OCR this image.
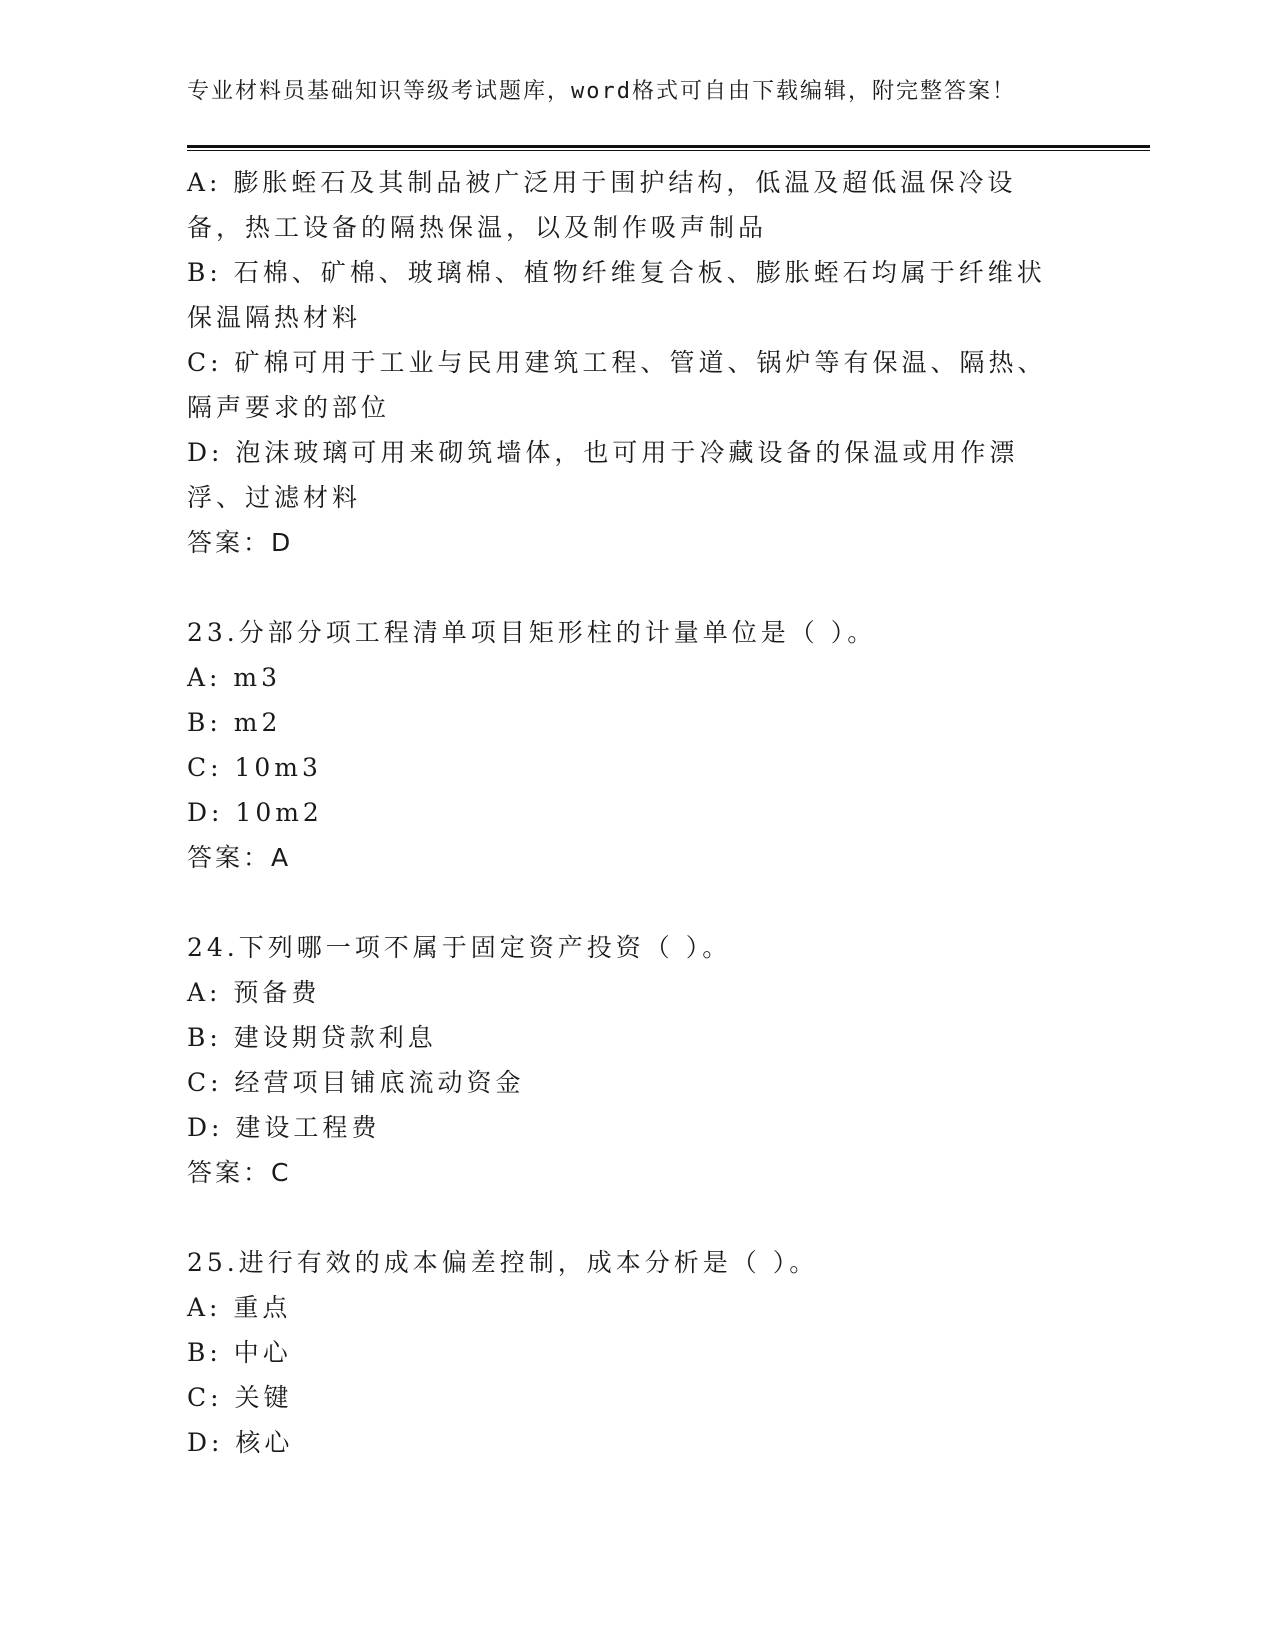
专业材料员基础知识等级考试题库，word格式可自由下载编辑，附完整答案！

A: 膨胀蛭石及其制品被广泛用于围护结构，低温及超低温保冷设备，热工设备的隔热保温，以及制作吸声制品

B: 石棉、矿棉、玻璃棉、植物纤维复合板、膨胀蛭石均属于纤维状保温隔热材料

C: 矿棉可用于工业与民用建筑工程、管道、锅炉等有保温、隔热、隔声要求的部位

D: 泡沫玻璃可用来砌筑墙体，也可用于冷藏设备的保温或用作漂浮、过滤材料

答案：D

23.分部分项工程清单项目矩形柱的计量单位是（ ）。

A: m3

B: m2

C: 10m3

D: 10m2

答案：A

24.下列哪一项不属于固定资产投资（ ）。

A: 预备费

B: 建设期贷款利息

C: 经营项目铺底流动资金

D: 建设工程费

答案：C

25.进行有效的成本偏差控制，成本分析是（ ）。

A: 重点

B: 中心

C: 关键

D: 核心
